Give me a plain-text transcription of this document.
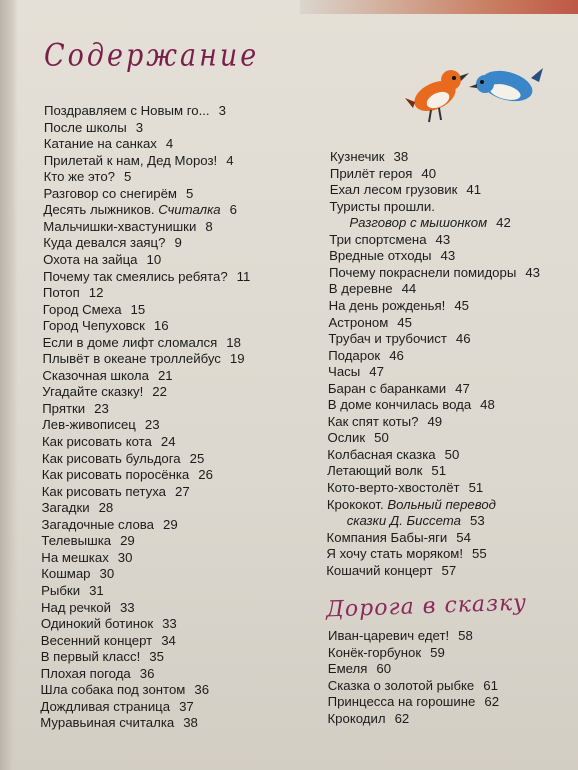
Содержание
Поздравляем с Новым го... 3
После школы 3
Катание на санках 4
Прилетай к нам, Дед Мороз! 4
Кто же это? 5
Разговор со снегирём 5
Десять лыжников. Считалка 6
Мальчишки-хвастунишки 8
Куда девался заяц? 9
Охота на зайца 10
Почему так смеялись ребята? 11
Потоп 12
Город Смеха 15
Город Чепуховск 16
Если в доме лифт сломался 18
Плывёт в океане троллейбус 19
Сказочная школа 21
Угадайте сказку! 22
Прятки 23
Лев-живописец 23
Как рисовать кота 24
Как рисовать бульдога 25
Как рисовать поросёнка 26
Как рисовать петуха 27
Загадки 28
Загадочные слова 29
Телевышка 29
На мешках 30
Кошмар 30
Рыбки 31
Над речкой 33
Одинокий ботинок 33
Весенний концерт 34
В первый класс! 35
Плохая погода 36
Шла собака под зонтом 36
Дождливая страница 37
Муравьиная считалка 38
Кузнечик 38
Прилёт героя 40
Ехал лесом грузовик 41
Туристы прошли.
Разговор с мышонком 42
Три спортсмена 43
Вредные отходы 43
Почему покраснели помидоры 43
В деревне 44
На день рожденья! 45
Астроном 45
Трубач и трубочист 46
Подарок 46
Часы 47
Баран с баранками 47
В доме кончилась вода 48
Как спят коты? 49
Ослик 50
Колбасная сказка 50
Летающий волк 51
Кото-верто-хвостолёт 51
Крококот. Вольный перевод
сказки Д. Биссета 53
Компания Бабы-яги 54
Я хочу стать моряком! 55
Кошачий концерт 57
Дорога в сказку
Иван-царевич едет! 58
Конёк-горбунок 59
Емеля 60
Сказка о золотой рыбке 61
Принцесса на горошине 62
Крокодил 62
